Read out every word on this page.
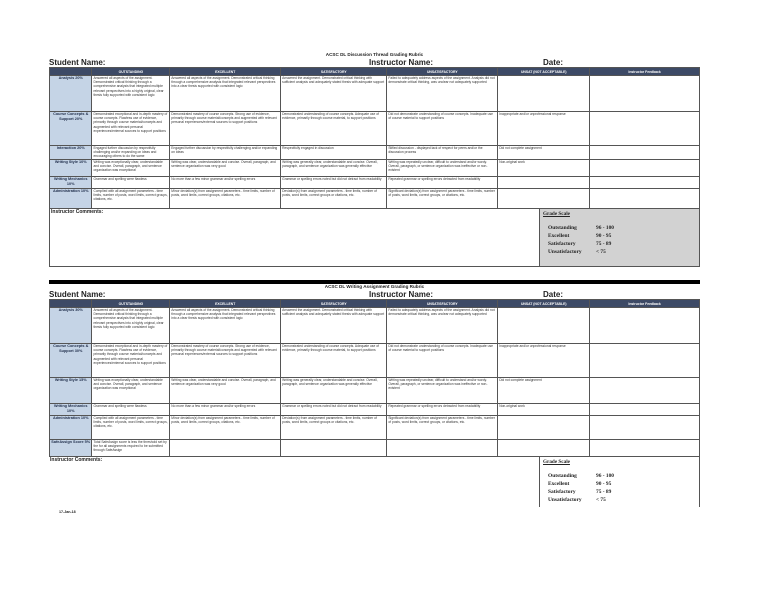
ACSC DL Discussion Thread Grading Rubric
Student Name:	Instructor Name:	Date:
	OUTSTANDING	EXCELLENT	SATISFACTORY	UNSATISFACTORY	UNSAT (NOT ACCEPTABLE)	Instructor Feedback
Analysis 20%	Answered all aspects of the assignment. Demonstrated critical thinking through a comprehensive analysis that integrated multiple relevant perspectives into a highly original, clear thesis fully supported with consistent logic	Answered all aspects of the assignment. Demonstrated critical thinking through a comprehensive analysis that integrated relevant perspectives into a clear thesis supported with consistent logic	Answered the assignment. Demonstrated critical thinking with sufficient analysis and adequately stated thesis with adequate support	Failed to adequately address aspects of the assignment. Analysis did not demonstrate critical thinking, was unclear not adequately supported		
Course Concepts & Support 20%	Demonstrated exceptional and in-depth mastery of course concepts. Flawless use of evidence, primarily through course material/concepts and augmented with relevant personal experiences/external sources to support positions	Demonstrated mastery of course concepts. Strong use of evidence, primarily through course material/concepts and augmented with relevant personal experiences/external sources to support positions	Demonstrated understanding of course concepts. Adequate use of evidence, primarily through course material, to support positions	Did not demonstrate understanding of course concepts. Inadequate use of course material to support positions	Inappropriate and/or unprofessional response	
Interaction 20%	Engaged further discussion by respectfully challenging and/or expanding on ideas and encouraging others to do the same	Engaged further discussion by respectfully challenging and/or expanding on ideas	Respectfully engaged in discussion	Stifled discussion - displayed lack of respect for peers and/or the discussion process	Did not complete assignment	
Writing Style 10%	Writing was exceptionally clear, understandable and concise. Overall, paragraph, and sentence organization was exceptional	Writing was clear, understandable and concise. Overall, paragraph, and sentence organization was very good	Writing was generally clear, understandable and concise. Overall, paragraph, and sentence organization was generally effective	Writing was repeatedly unclear, difficult to understand and/or wordy. Overall, paragraph, or sentence organization was ineffective or non-existent	Non-original work	
Writing Mechanics 10%	Grammar and spelling were flawless	No more than a few minor grammar and/or spelling errors	Grammar or spelling errors noted but did not detract from readability	Repeated grammar or spelling errors detracted from readability		
Administration 10%	Complied with all assignment parameters - time limits, number of posts, word limits, correct groups, citations, etc.	Minor deviation(s) from assignment parameters - time limits, number of posts, word limits, correct groups, citations, etc.	Deviation(s) from assignment parameters - time limits, number of posts, word limits, correct groups or citations, etc.	Significant deviation(s) from assignment parameters - time limits, number of posts, word limits, correct groups, or citations, etc.		
Instructor Comments:	Grade Scale
Outstanding	96 - 100
Excellent	90 - 95
Satisfactory	75 - 89
Unsatisfactory	< 75
ACSC DL Writing Assignment Grading Rubric
Student Name:	Instructor Name:	Date:
	OUTSTANDING	EXCELLENT	SATISFACTORY	UNSATISFACTORY	UNSAT (NOT ACCEPTABLE)	Instructor Feedback
Analysis 30%	Answered all aspects of the assignment. Demonstrated critical thinking through a comprehensive analysis that integrated multiple relevant perspectives into a highly original, clear thesis fully supported with consistent logic	Answered all aspects of the assignment. Demonstrated critical thinking through a comprehensive analysis that integrated relevant perspectives into a clear thesis supported with consistent logic	Answered the assignment. Demonstrated critical thinking with sufficient analysis and adequately stated thesis with adequate support	Failed to adequately address aspects of the assignment. Analysis did not demonstrate critical thinking, was unclear not adequately supported		
Course Concepts & Support 30%	Demonstrated exceptional and in-depth mastery of course concepts. Flawless use of evidence, primarily through course material/concepts and augmented with relevant personal experiences/external sources to support positions	Demonstrated mastery of course concepts. Strong use of evidence, primarily through course material/concepts and augmented with relevant personal experiences/external sources to support positions	Demonstrated understanding of course concepts. Adequate use of evidence, primarily through course material, to support positions	Did not demonstrate understanding of course concepts. Inadequate use of course material to support positions	Inappropriate and/or unprofessional response	
Writing Style 15%	Writing was exceptionally clear, understandable and concise. Overall, paragraph, and sentence organization was exceptional	Writing was clear, understandable and concise. Overall, paragraph, and sentence organization was very good	Writing was generally clear, understandable and concise. Overall, paragraph, and sentence organization was generally effective	Writing was repeatedly unclear, difficult to understand and/or wordy. Overall, paragraph, or sentence organization was ineffective or non-existent	Did not complete assignment	
Writing Mechanics 10%	Grammar and spelling were flawless	No more than a few minor grammar and/or spelling errors	Grammar or spelling errors noted but did not detract from readability	Repeated grammar or spelling errors detracted from readability	Non-original work	
Administration 10%	Complied with all assignment parameters - time limits, number of posts, word limits, correct groups, citations, etc.	Minor deviation(s) from assignment parameters - time limits, number of posts, word limits, correct groups, citations, etc.	Deviation(s) from assignment parameters - time limits, number of posts, word limits, correct groups or citations, etc.	Significant deviation(s) from assignment parameters - time limits, number of posts, word limits, correct groups, or citations, etc.		
SafeAssign Score 5%	Total SafeAssign score is less the threshold set by the for all assignments required to be submitted through SafeAssign					
Instructor Comments:	Grade Scale
Outstanding	96 - 100
Excellent	90 - 95
Satisfactory	75 - 89
Unsatisfactory	< 75
17-Jan-18
